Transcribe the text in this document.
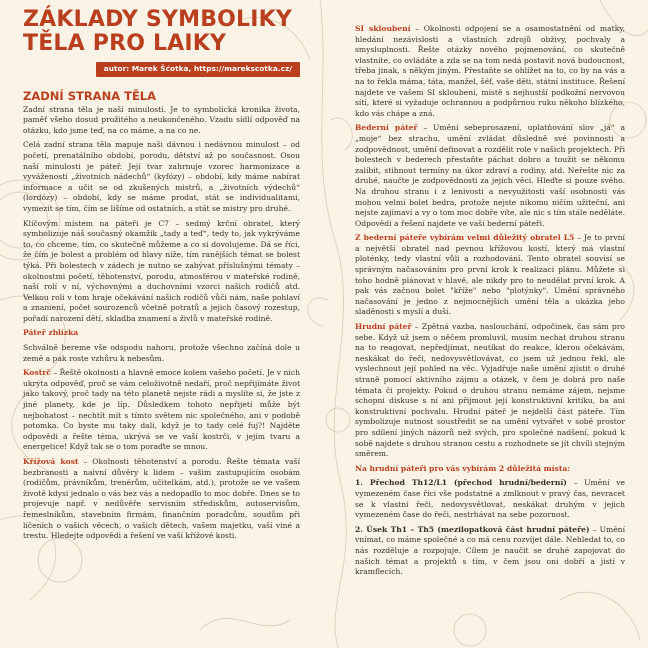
ZÁKLADY SYMBOLIKY
TĚLA PRO LAIKY
autor: Marek Šćotka, https://marekscotka.cz/
ZADNÍ STRANA TĚLA

Zadní strana těla je naší minulostí. Je to symbolická kronika života, paměť všeho dosud prožitého a neukončeného. Vzadu sídlí odpověď na otázku, kdo jsme teď, na co máme, a na co ne.

Celá zadní strana těla mapuje naši dávnou i nedávnou minulost – od početí, prenatálního období, porodu, dětství až po současnost. Osou naší minulosti je páteř. Její tvar zahrnuje vzorec harmonizace a vyváženosti „životních nádechů“ (kyfózy) – období, kdy máme nabírat informace a učit se od zkušených mistrů, a „životních výdechů“ (lordózy) – období, kdy se máme prodat, stát se individualitami, vymezit se tím, čím se lišíme od ostatních, a stát se mistry pro druhé.

Klíčovým místem na páteři je C7 – sedmý krční obratel, který symbolizuje náš současný okamžik „tady a teď“, tedy to, jak vykrýváme to, co chceme, tím, co skutečně můžeme a co si dovolujeme. Dá se říci, že čím je bolest a problém od hlavy níže, tím ranějších témat se bolest týká. Při bolestech v zádech je nutno se zabývat příslušnými tématy – okolnostmi početí, těhotenství, porodu, atmosférou v mateřské rodině, naší rolí v ní, výchovnými a duchovními vzorci našich rodičů atd. Velkou roli v tom hraje očekávání našich rodičů vůči nám, naše pohlaví a znamení, počet sourozenců včetně potratů a jejich časový rozestup, pořadí narození dětí, skladba znamení a živlů v mateřské rodině.

Páteř zblízka

Schválně bereme vše odspodu nahoru, protože všechno začíná dole u země a pak roste vzhůru k nebesům.

Kostrč – Řeště okolnosti a hlavně emoce kolem vašeho početí. Je v nich ukryta odpověď, proč se vám celoživotně nedaří, proč nepřijímáte život jako takový, proč tady na této planetě nejste rádi a myslíte si, že jste z jiné planety, kde je líp. Důsledkem tohoto nepřijetí může být nejbohatost – nechtít mít s tímto světem nic společného, ani v podobě potomka. Co byste mu taky dali, když je to tady celé fuj?! Najděte odpovědi a řešte téma, ukrývá se ve vaší kostrči, v jejím tvaru a energetice! Když tak se o tom poraďte se mnou.

Křížová kost – Okolnosti těhotenství a porodu. Řešte témata vaší bezbranosti a naivní důvěry k lidem – vašim zastupujícím osobám (rodičům, právníkům, trenérům, učitelkám, atd.), protože se ve vašem životě kdysi jednalo o vás bez vás a nedopadlo to moc dobře. Dnes se to projevuje např. v nedůvěře servisním střediskům, autoservisům, řemeslníkům, stavebním firmám, finančním poradcům, soudům při líčeních o vašich věcech, o vašich dětech, vašem majetku, vaší viné a trestu. Hledejte odpovědi a řešení ve vaší křížové kosti.

SI skloubení – Okolnosti odpojení se a osamostatnění od matky, hledání nezávislosti a vlastních zdrojů obživy, pochvaly a smysluplnosti. Řešte otázky nového pojmenování, co skutečně vlastníte, co ovládáte a zda se na tom nedá postavit nová budoucnost, třeba jinak, s někým jiným. Přestaňte se ohlížet na to, co by na vás a na to řekla máma, táta, manžel, šéf, vaše děti, státní instituce. Řešení najdete ve vašem SI skloubení, místě s nejhustší podkožní nervovou sítí, které si vyžaduje ochrannou a podpůrnou ruku někoho blízkého, kdo vás chápe a zná.

Bederní páteř – Umění sebeprosazení, uplatňování slov „já“ a „moje“ bez strachu, umění zvládat důsledně své povinnosti a zodpovědnost, umění definovat a rozdělit role v našich projektech. Při bolestech v bederech přestaňte páchat dobro a toužit se někomu zalíbit, stihnout termíny na úkor zdraví a rodiny, atd. Neřešte nic za druhé, naučte je zodpovědnosti za jejich věci. Hleďte si pouze svého. Na druhou stranu i z lenivosti a nevyužitosti vaší osobnosti vás mohou velmi bolet bedra, protože nejste nikomu ničím užiteční, ani nejste zajímaví a vy o tom moc dobře víte, ale nic s tím stále neděláte. Odpovědi a řešení najdete ve vaší bederní páteři.

Z bederní páteře vybírám velmi důležitý obratel L5 – Je to první a největší obratel nad pevnou křížovou kostí, který má vlastní ploténky, tedy vlastní vůli a rozhodování. Tento obratel souvisí se správným načasováním pro první krok k realizaci plánu. Můžete si toho hodně plánovat v hlavě, ale nikdy pro to neudělat první krok. A pak vás začnou bolet "kříže" nebo "plotýnky". Umění správného načasování je jedno z nejmocnějších umění těla a ukázka jeho sladěnosti s myslí a duší.

Hrudní páteř – Zpětná vazba, naslouchání, odpočinek, čas sám pro sebe. Když už jsem o něčem promluvil, musím nechat druhou stranu na to reagovat, nepředjímat, neutíkat do reakce, klerou očekávám, neskákat do řeči, nedovysvětlovávat, co jsem už jednou řekl, ale vyslechnout její pohled na věc. Vyjadřuje naše umění zjistit o druhé straně pomocí aktivního zájmu a otázek, v čem je dobrá pro naše témata či projekty. Pokud o druhou stranu nemáme zájem, nejsme schopni diskuse s ní ani přijmout její konstruktivní kritiku, ba ani konstruktivní pochvalu. Hrudní páteř je nejdelší část páteře. Tím symbolizuje nutnost soustředit se na umění vytvářet v sobě prostor pro sdílení jiných názorů než svých, pro společné nadšení, pokud k sobě najdete s druhou stranou cestu a rozhodnete se jít chvíli stejným směrem.

Na hrudní páteři pro vás vybírám 2 důležitá místa:

1. Přechod Th12/L1 (přechod hrudní/bederní) – Umění ve vymezeném čase říci vše podstatné a zmlknout v pravý čas, nevracet se k vlastní řeči, nedovysvětlovat, neskákat druhým v jejich vymezeném čase do řeči, nestrhávat na sebe pozornost.

2. Úsek Th1 – Th5 (mezilopatková část hrudní páteře) – Umění vnímat, co máme společné a co má cenu rozvíjet dále. Nehledat to, co nás rozděluje a rozpojuje. Cílem je naučit se druhé zapojovat do našich témat a projektů s tím, v čem jsou oni dobří a jistí v kramflecích.
